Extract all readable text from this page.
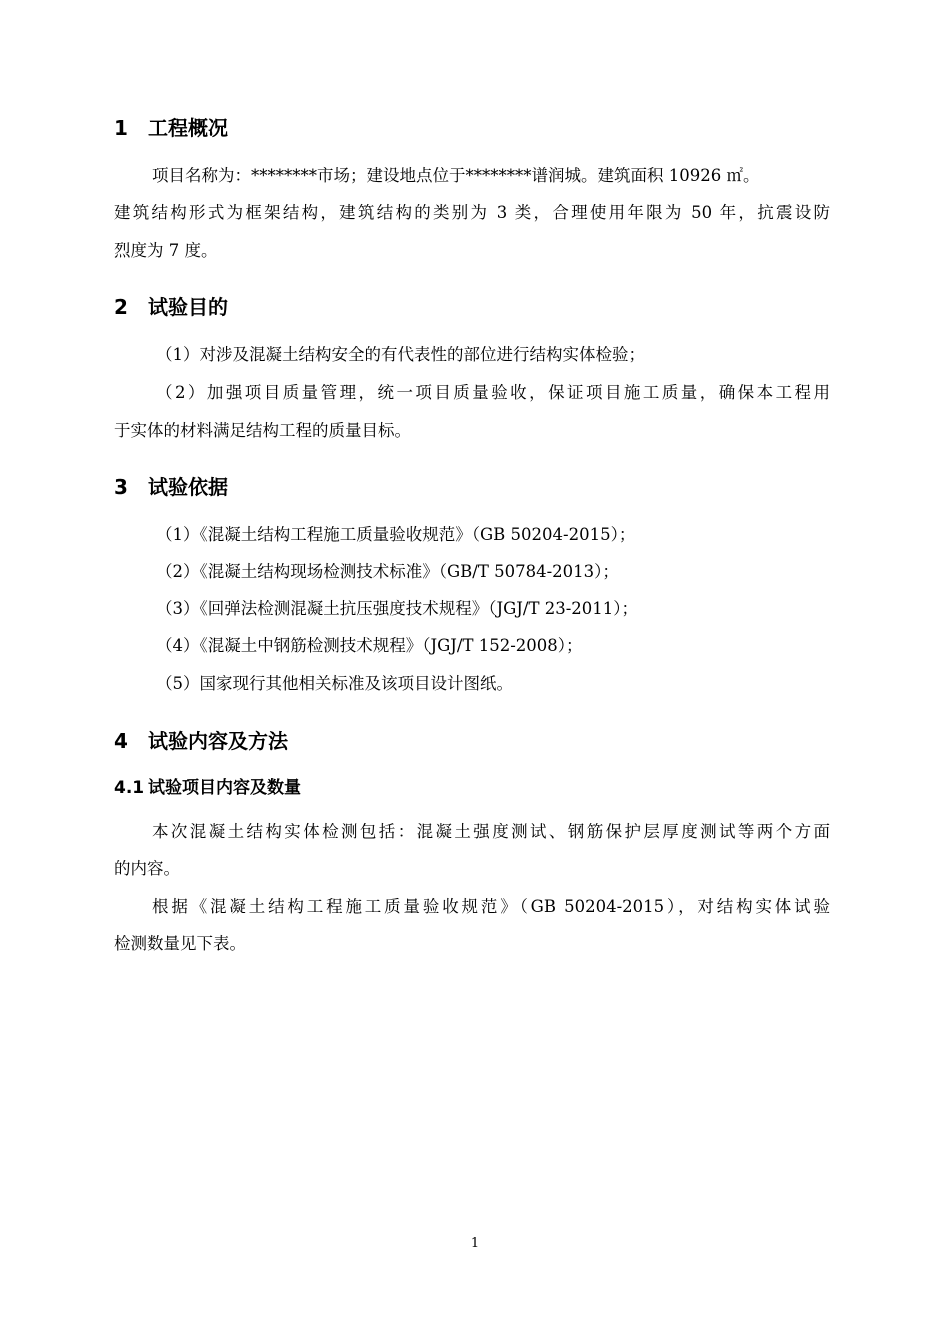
1 工程概况
项目名称为：********市场；建设地点位于********谱润城。建筑面积 10926 ㎡。
建筑结构形式为框架结构，建筑结构的类别为 3 类，合理使用年限为 50 年，抗震设防
烈度为 7 度。
2 试验目的
（1）对涉及混凝土结构安全的有代表性的部位进行结构实体检验；
（2）加强项目质量管理，统一项目质量验收，保证项目施工质量，确保本工程用
于实体的材料满足结构工程的质量目标。
3 试验依据
（1）《混凝土结构工程施工质量验收规范》（GB 50204-2015）；
（2）《混凝土结构现场检测技术标准》（GB/T 50784-2013）；
（3）《回弹法检测混凝土抗压强度技术规程》（JGJ/T 23-2011）；
（4）《混凝土中钢筋检测技术规程》（JGJ/T 152-2008）；
（5）国家现行其他相关标准及该项目设计图纸。
4 试验内容及方法
4.1 试验项目内容及数量
本次混凝土结构实体检测包括：混凝土强度测试、钢筋保护层厚度测试等两个方面
的内容。
根据《混凝土结构工程施工质量验收规范》（GB 50204-2015），对结构实体试验
检测数量见下表。
1
